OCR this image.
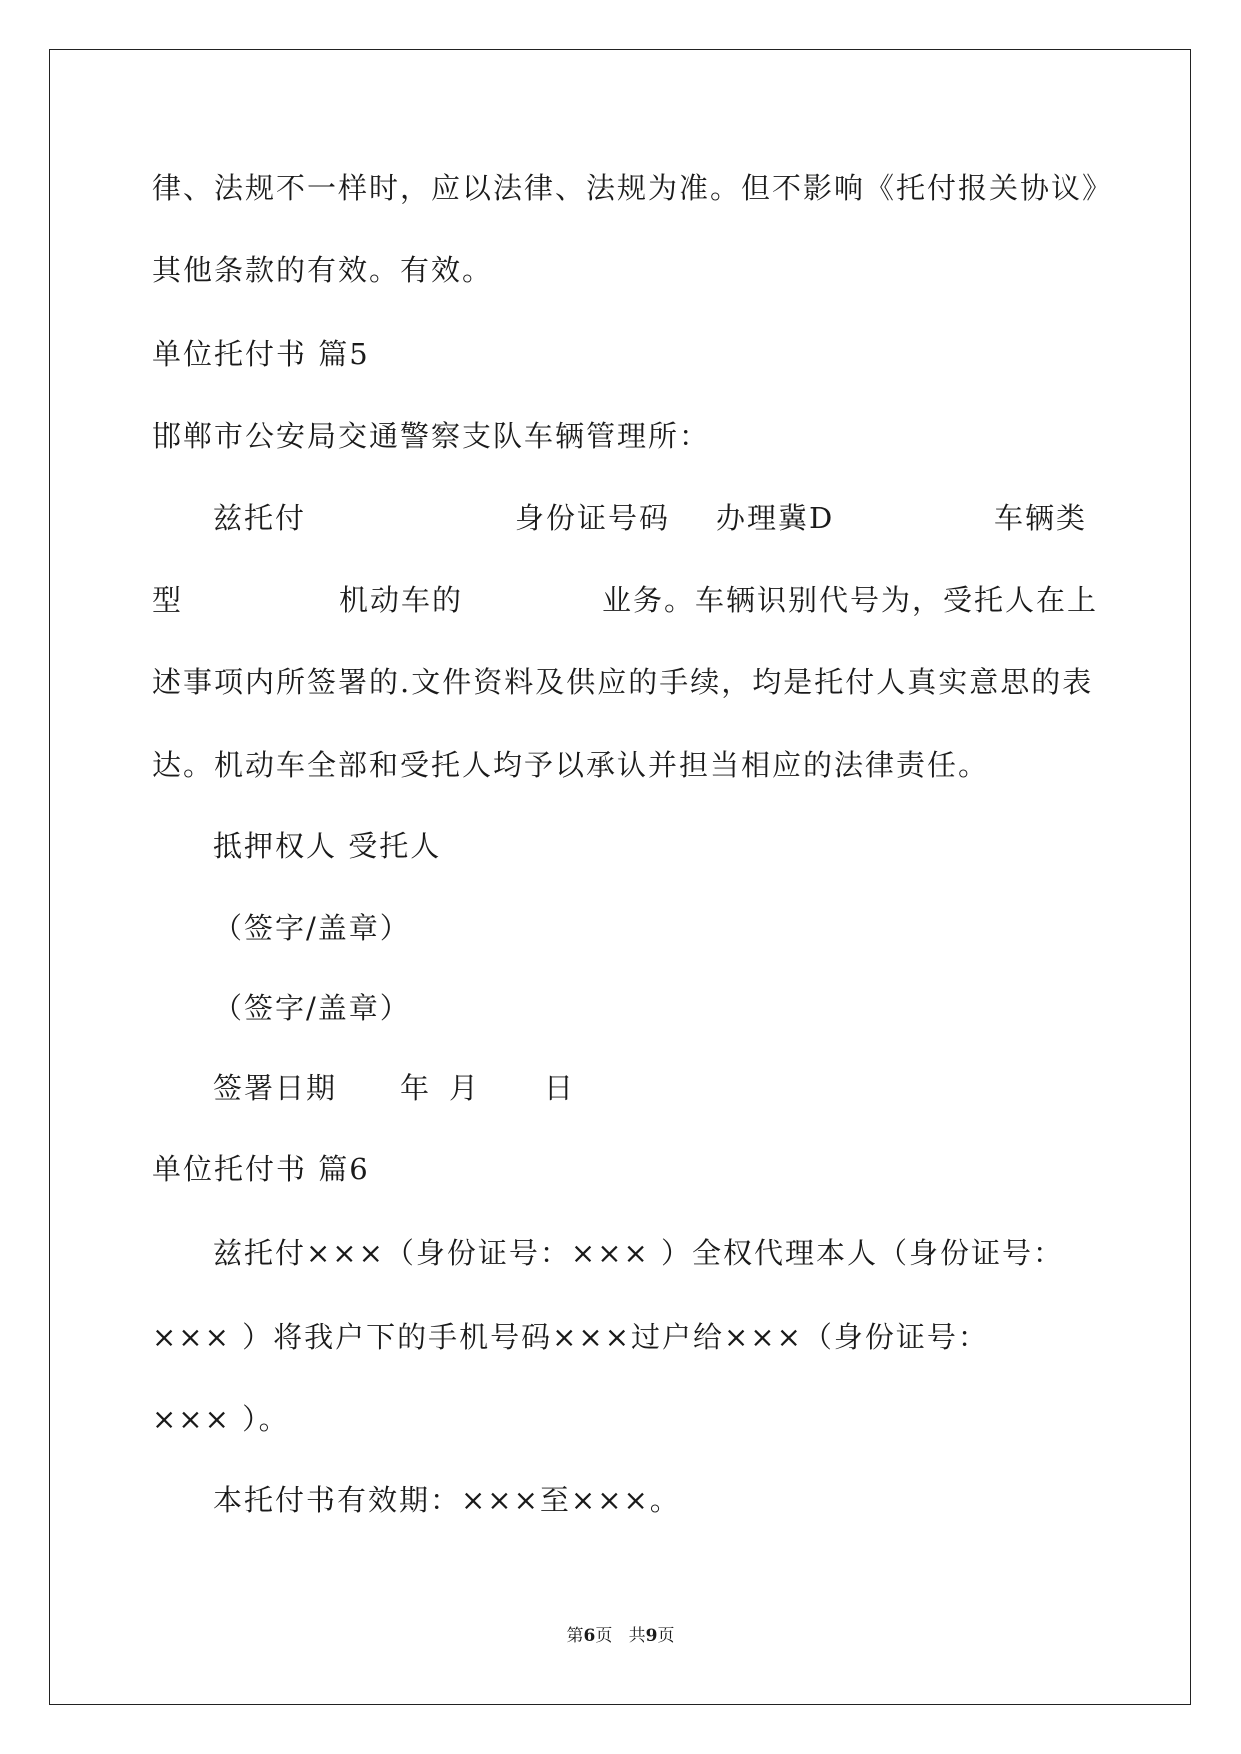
律、法规不一样时，应以法律、法规为准。但不影响《托付报关协议》
其他条款的有效。有效。
单位托付书 篇5
邯郸市公安局交通警察支队车辆管理所：
兹托付	身份证号码 办理冀D	车辆类
型	机动车的	业务。车辆识别代号为，受托人在上
述事项内所签署的.文件资料及供应的手续，均是托付人真实意思的表
达。机动车全部和受托人均予以承认并担当相应的法律责任。
抵押权人 受托人
（签字/盖章）
（签字/盖章）
签署日期 年 月 日
单位托付书 篇6
兹托付×××（身份证号：××× ）全权代理本人（身份证号：
××× ）将我户下的手机号码×××过户给×××（身份证号：
××× ）。
本托付书有效期：×××至×××。
第6页   共9页
